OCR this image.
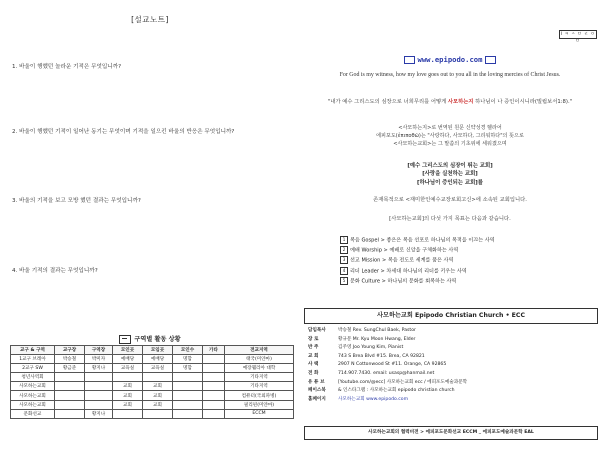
[설교노트]
1. 바울이 행했던 놀라운 기적은 무엇입니까?
2. 바울이 행했던 기적이 일어난 동기는 무엇이며 기적을 일으킨 바울의 반응은 무엇입니까?
3. 바울의 기적을 보고 모방 했던 결과는 무엇입니까?
4. 바울 기적의 결과는 무엇입니까?
구역별 활동 상황
교구 & 구역	교구장	구역장	모인곳	모임곳	모인수	가타	전교지역
1교구 브레아	박승철	박미자	예배당	예배당	명합		태국(미얀마)
2교구 SW	황금준	황지나	교육실	교육실	명합		예장웰리아 대학
청년사역회							기타지역
사모하는교회			교회	교회			기타지역
사모하는교회			교회	교회			컴퓨터(국외파병)
사모하는교회			교회	교회			필리핀(미얀마)
문화선교		황지나					ECCM
Ⅰ ㅋ ㅅ ㅁ ㄹ ㅇ ㅁ
www.epipodo.com
For God is my witness, how my love goes out to you all in the loving mercies of Christ Jesus.
"내가 예수 그리스도의 심장으로 너희무리를 어떻게 사모하는지 하나님이 나 증인이시니라(빌립보서1:8)."
<사모하는지>로 번역된 원문 신약성경 헬라어
에피포도(ἐπιποθῶ)는 "사랑하다, 사모하다, 그리워하다"의 뜻으로
<사모하는교회>는 그 말씀의 기초위에 세워졌으며
[예수 그리스도의 심장이 뛰는 교회]
[사랑을 실천하는 교회]
[하나님이 증인되는 교회]를
존재목적으로 <재미한인예수교장로회고신>에 소속된 교회입니다.
[사모하는교회]의 다섯 가지 목표는 다음과 같습니다.
1 복음 Gospel > 좋은은 복음 선포로 하나님의 목적을 이끄는 사역
2 예배 Worship > 예배로 신앙을 구체화하는 사역
3 선교 Mission > 복음 전도로 세계를 품은 사역
4 리더 Leader > 차세대 하나님의 리더를 키우는 사역
5 문화 Culture > 하나님의 문화를 회복하는 사역
사모하는교회 Epipodo Christian Church • ECC
담임목사	박승철 Rev. SungChul Baek, Pastor
장 로	황규문 Mr. Kyu Moon Hwang, Elder
반 주	김주영 Joo Young Kim, Pianist
교 회	743 S Brea Blvd #15. Brea, CA 92821
사 택	2907 N Cottonwood St #11. Orange, CA 92865
전 화	714.907.7430. email: usasp@hanmail.net
유 튜 브	[Youtube.com/@ecc] 사모하는교회 ecc / 에피포도예술과문학
페이스북	& 인스타그램 : 사모하는교회 epipodo christian church
홈페이지	사모하는교회 www.epipodo.com
사모하는교회의 협력비전 > 에피포도문화선교 ECCM _ 에피포도예술과문학 EAL
